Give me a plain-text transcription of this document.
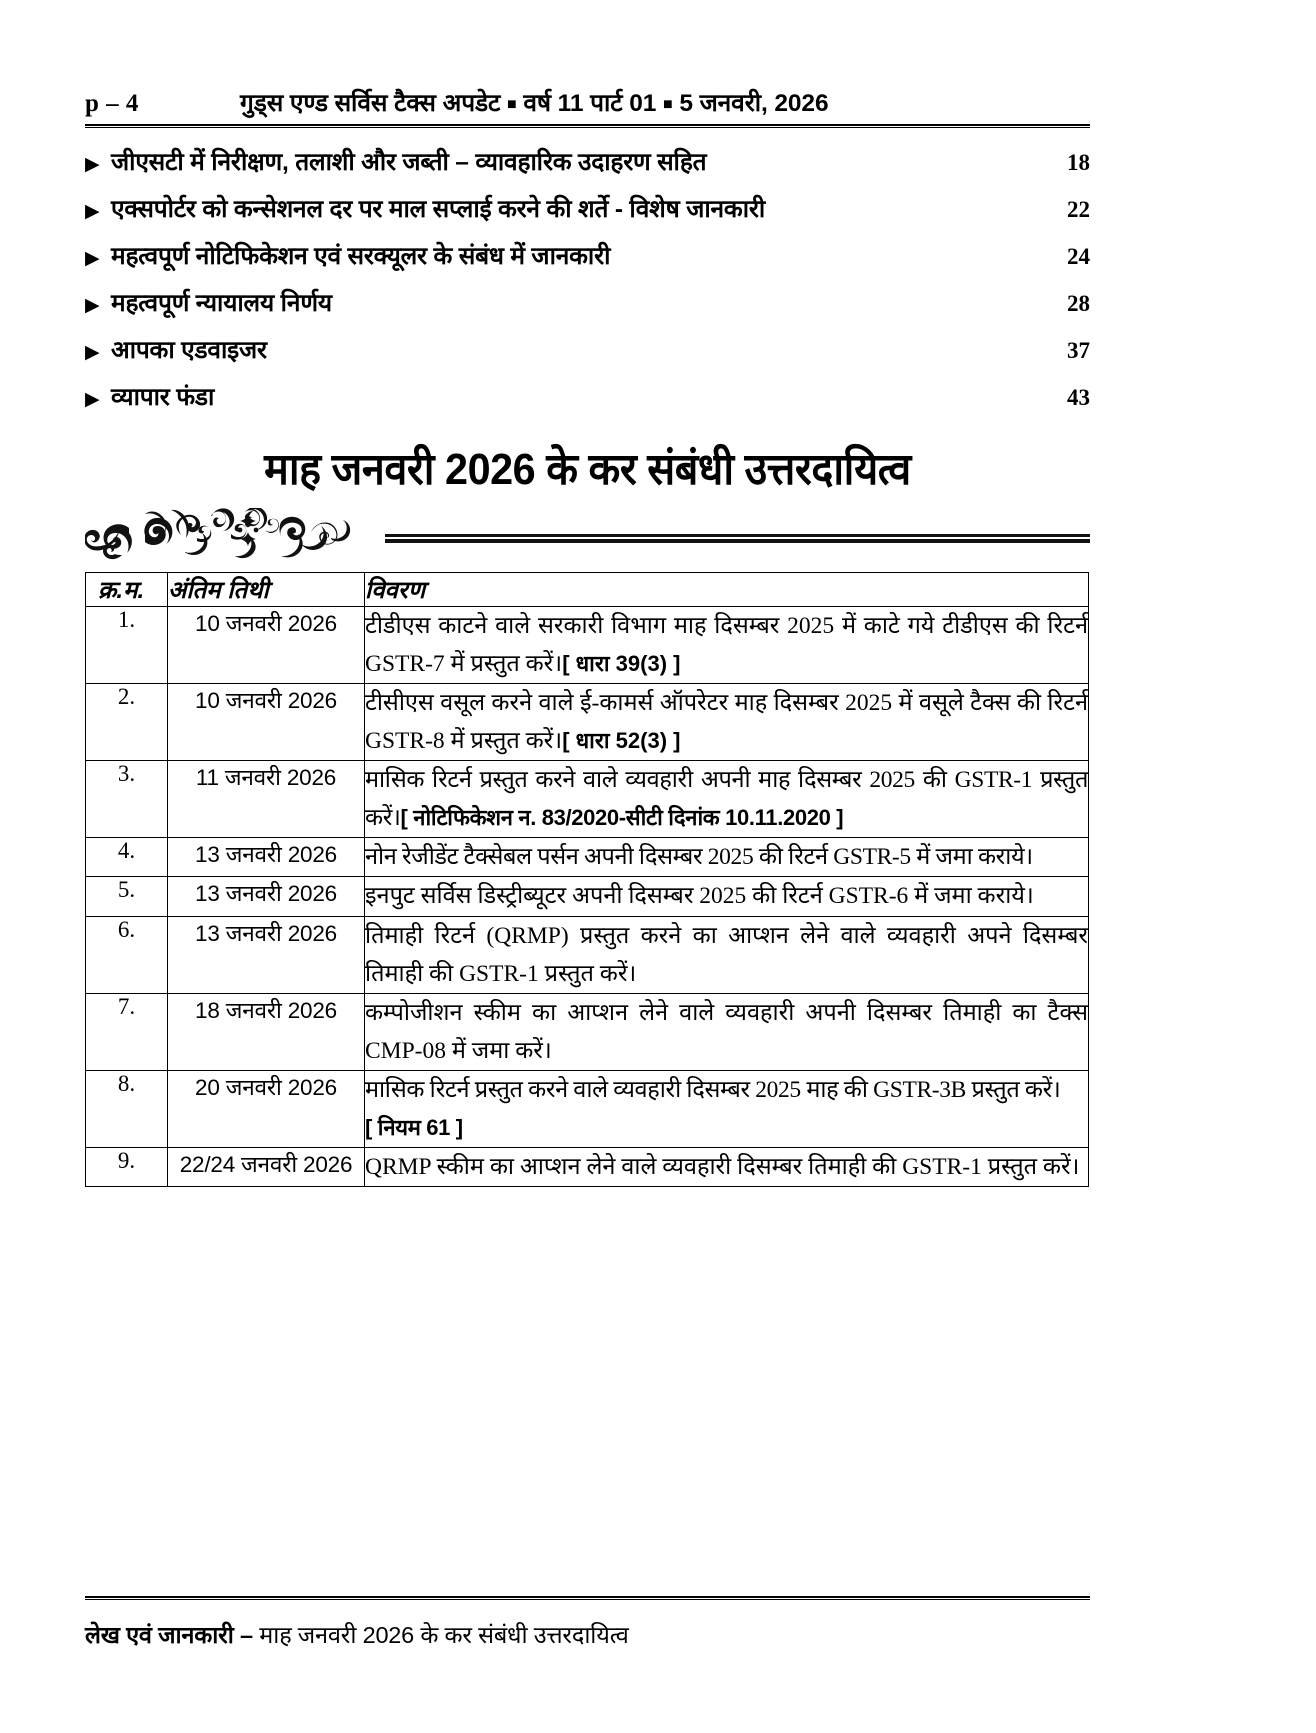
p – 4	गुड्स एण्ड सर्विस टैक्स अपडेट ■ वर्ष 11 पार्ट 01 ■ 5 जनवरी, 2026
▶ जीएसटी में निरीक्षण, तलाशी और जब्ती – व्यावहारिक उदाहरण सहित	18
▶ एक्सपोर्टर को कन्सेशनल दर पर माल सप्लाई करने की शर्ते - विशेष जानकारी	22
▶ महत्वपूर्ण नोटिफिकेशन एवं सरक्यूलर के संबंध में जानकारी	24
▶ महत्वपूर्ण न्यायालय निर्णय	28
▶ आपका एडवाइजर	37
▶ व्यापार फंडा	43
माह जनवरी 2026 के कर संबंधी उत्तरदायित्व
क्र.म.	अंतिम तिथी	विवरण
1.	10 जनवरी 2026	टीडीएस काटने वाले सरकारी विभाग माह दिसम्बर 2025 में काटे गये टीडीएस की रिटर्न GSTR-7 में प्रस्तुत करें।[ धारा 39(3) ]
2.	10 जनवरी 2026	टीसीएस वसूल करने वाले ई-कामर्स ऑपरेटर माह दिसम्बर 2025 में वसूले टैक्स की रिटर्न GSTR-8 में प्रस्तुत करें।[ धारा 52(3) ]
3.	11 जनवरी 2026	मासिक रिटर्न प्रस्तुत करने वाले व्यवहारी अपनी माह दिसम्बर 2025 की GSTR-1 प्रस्तुत करें।[ नोटिफिकेशन न. 83/2020-सीटी दिनांक 10.11.2020 ]
4.	13 जनवरी 2026	नोन रेजीडेंट टैक्सेबल पर्सन अपनी दिसम्बर 2025 की रिटर्न GSTR-5 में जमा कराये।
5.	13 जनवरी 2026	इनपुट सर्विस डिस्ट्रीब्यूटर अपनी दिसम्बर 2025 की रिटर्न GSTR-6 में जमा कराये।
6.	13 जनवरी 2026	तिमाही रिटर्न (QRMP) प्रस्तुत करने का आप्शन लेने वाले व्यवहारी अपने दिसम्बर तिमाही की GSTR-1 प्रस्तुत करें।
7.	18 जनवरी 2026	कम्पोजीशन स्कीम का आप्शन लेने वाले व्यवहारी अपनी दिसम्बर तिमाही का टैक्स CMP-08 में जमा करें।
8.	20 जनवरी 2026	मासिक रिटर्न प्रस्तुत करने वाले व्यवहारी दिसम्बर 2025 माह की GSTR-3B प्रस्तुत करें।
[ नियम 61 ]
9.	22/24 जनवरी 2026	QRMP स्कीम का आप्शन लेने वाले व्यवहारी दिसम्बर तिमाही की GSTR-1 प्रस्तुत करें।
लेख एवं जानकारी – माह जनवरी 2026 के कर संबंधी उत्तरदायित्व
